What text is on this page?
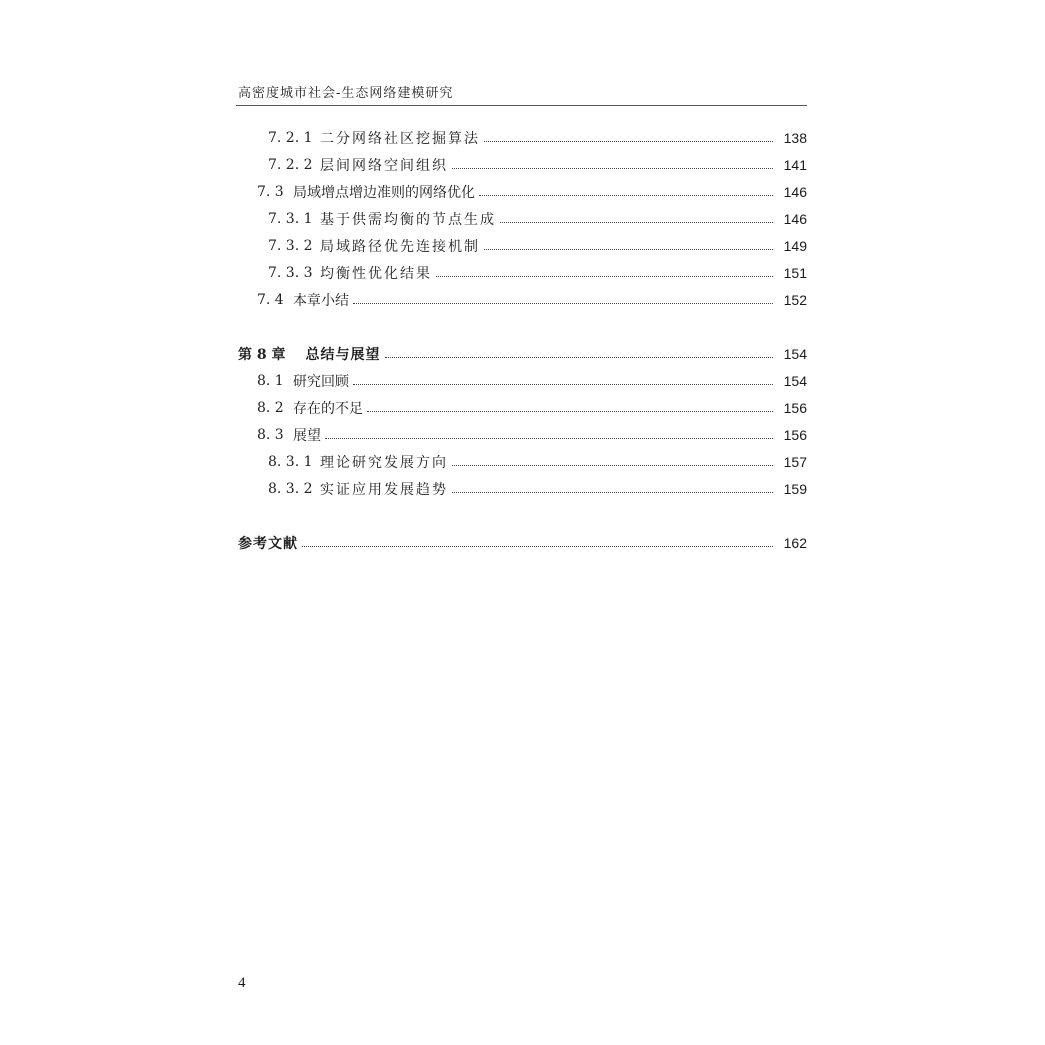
高密度城市社会-生态网络建模研究
7. 2. 1 二分网络社区挖掘算法	138
7. 2. 2 层间网络空间组织	141
7. 3 局域增点增边准则的网络优化	146
7. 3. 1 基于供需均衡的节点生成	146
7. 3. 2 局域路径优先连接机制	149
7. 3. 3 均衡性优化结果	151
7. 4 本章小结	152
第 8 章 总结与展望	154
8. 1 研究回顾	154
8. 2 存在的不足	156
8. 3 展望	156
8. 3. 1 理论研究发展方向	157
8. 3. 2 实证应用发展趋势	159
参考文献	162
4
